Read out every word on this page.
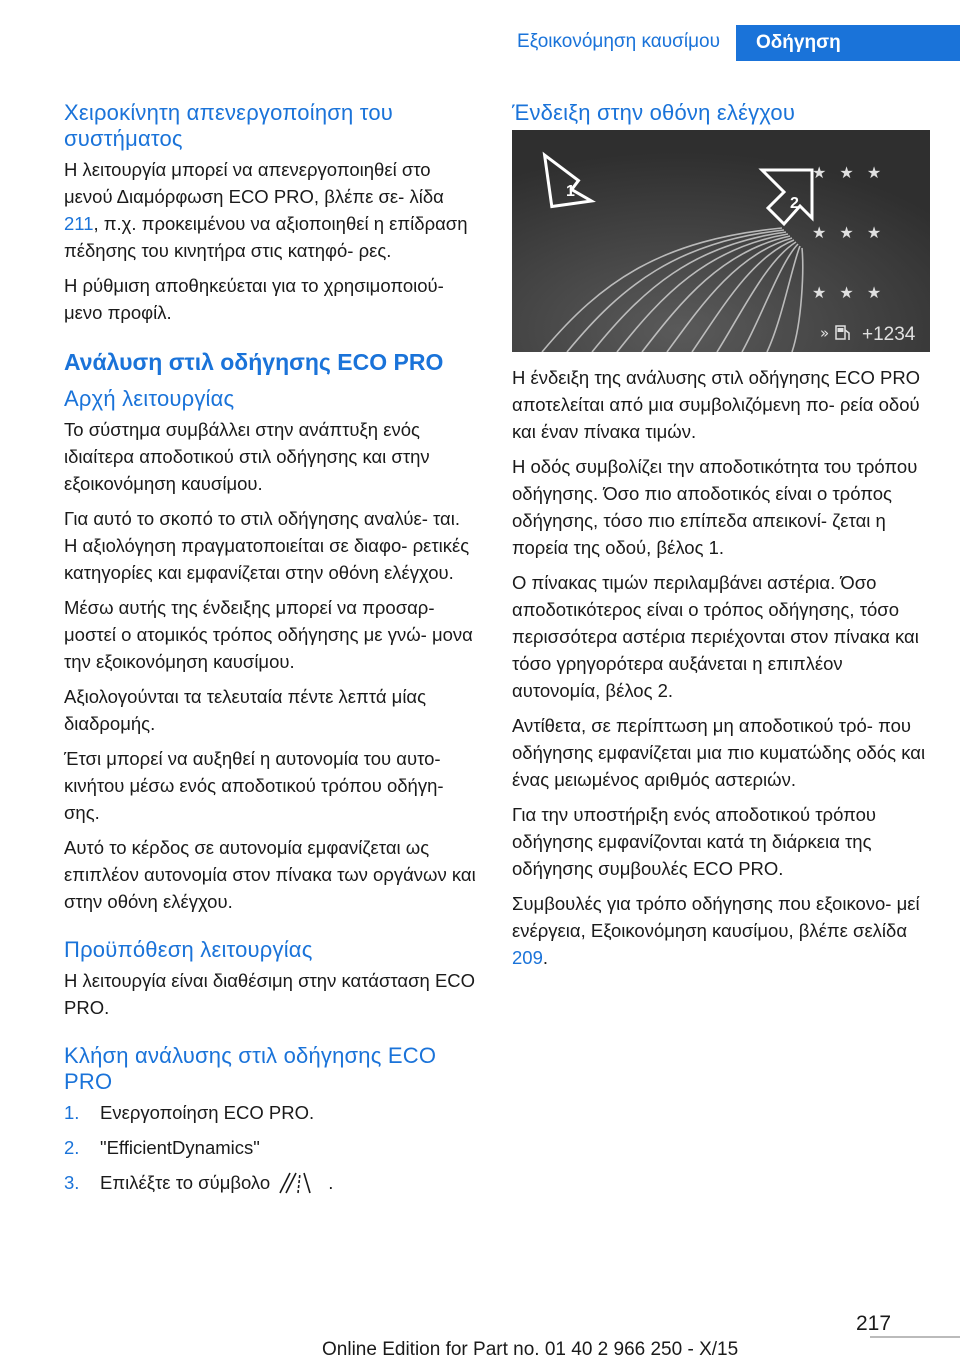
Εξοικονόμηση καυσίμου	Οδήγηση
Χειροκίνητη απενεργοποίηση του συστήματος

Η λειτουργία μπορεί να απενεργοποιηθεί στο μενού Διαμόρφωση ECO PRO, βλέπε σε- λίδα 211, π.χ. προκειμένου να αξιοποιηθεί η επίδραση πέδησης του κινητήρα στις κατηφό- ρες.

Η ρύθμιση αποθηκεύεται για το χρησιμοποιού- μενο προφίλ.

Ανάλυση στιλ οδήγησης ECO PRO
Αρχή λειτουργίας

Το σύστημα συμβάλλει στην ανάπτυξη ενός ιδιαίτερα αποδοτικού στιλ οδήγησης και στην εξοικονόμηση καυσίμου.

Για αυτό το σκοπό το στιλ οδήγησης αναλύε- ται. Η αξιολόγηση πραγματοποιείται σε διαφο- ρετικές κατηγορίες και εμφανίζεται στην οθόνη ελέγχου.

Μέσω αυτής της ένδειξης μπορεί να προσαρ- μοστεί ο ατομικός τρόπος οδήγησης με γνώ- μονα την εξοικονόμηση καυσίμου.

Αξιολογούνται τα τελευταία πέντε λεπτά μίας διαδρομής.

Έτσι μπορεί να αυξηθεί η αυτονομία του αυτο- κινήτου μέσω ενός αποδοτικού τρόπου οδήγη- σης.

Αυτό το κέρδος σε αυτονομία εμφανίζεται ως επιπλέον αυτονομία στον πίνακα των οργάνων και στην οθόνη ελέγχου.

Προϋπόθεση λειτουργίας

Η λειτουργία είναι διαθέσιμη στην κατάσταση ECO PRO.

Κλήση ανάλυσης στιλ οδήγησης ECO PRO
1. Ενεργοποίηση ECO PRO.
2. "EfficientDynamics"
3. Επιλέξτε το σύμβολο	.
Ένδειξη στην οθόνη ελέγχου
1
2
★ ★ ★
★ ★ ★
★ ★ ★
» +1234

Η ένδειξη της ανάλυσης στιλ οδήγησης ECO PRO αποτελείται από μια συμβολιζόμενη πο- ρεία οδού και έναν πίνακα τιμών.

Η οδός συμβολίζει την αποδοτικότητα του τρόπου οδήγησης. Όσο πιο αποδοτικός είναι ο τρόπος οδήγησης, τόσο πιο επίπεδα απεικονί- ζεται η πορεία της οδού, βέλος 1.

Ο πίνακας τιμών περιλαμβάνει αστέρια. Όσο αποδοτικότερος είναι ο τρόπος οδήγησης, τόσο περισσότερα αστέρια περιέχονται στον πίνακα και τόσο γρηγορότερα αυξάνεται η επιπλέον αυτονομία, βέλος 2.

Αντίθετα, σε περίπτωση μη αποδοτικού τρό- που οδήγησης εμφανίζεται μια πιο κυματώδης οδός και ένας μειωμένος αριθμός αστεριών.

Για την υποστήριξη ενός αποδοτικού τρόπου οδήγησης εμφανίζονται κατά τη διάρκεια της οδήγησης συμβουλές ECO PRO.

Συμβουλές για τρόπο οδήγησης που εξοικονο- μεί ενέργεια, Εξοικονόμηση καυσίμου, βλέπε σελίδα 209.

217
Online Edition for Part no. 01 40 2 966 250 - X/15
